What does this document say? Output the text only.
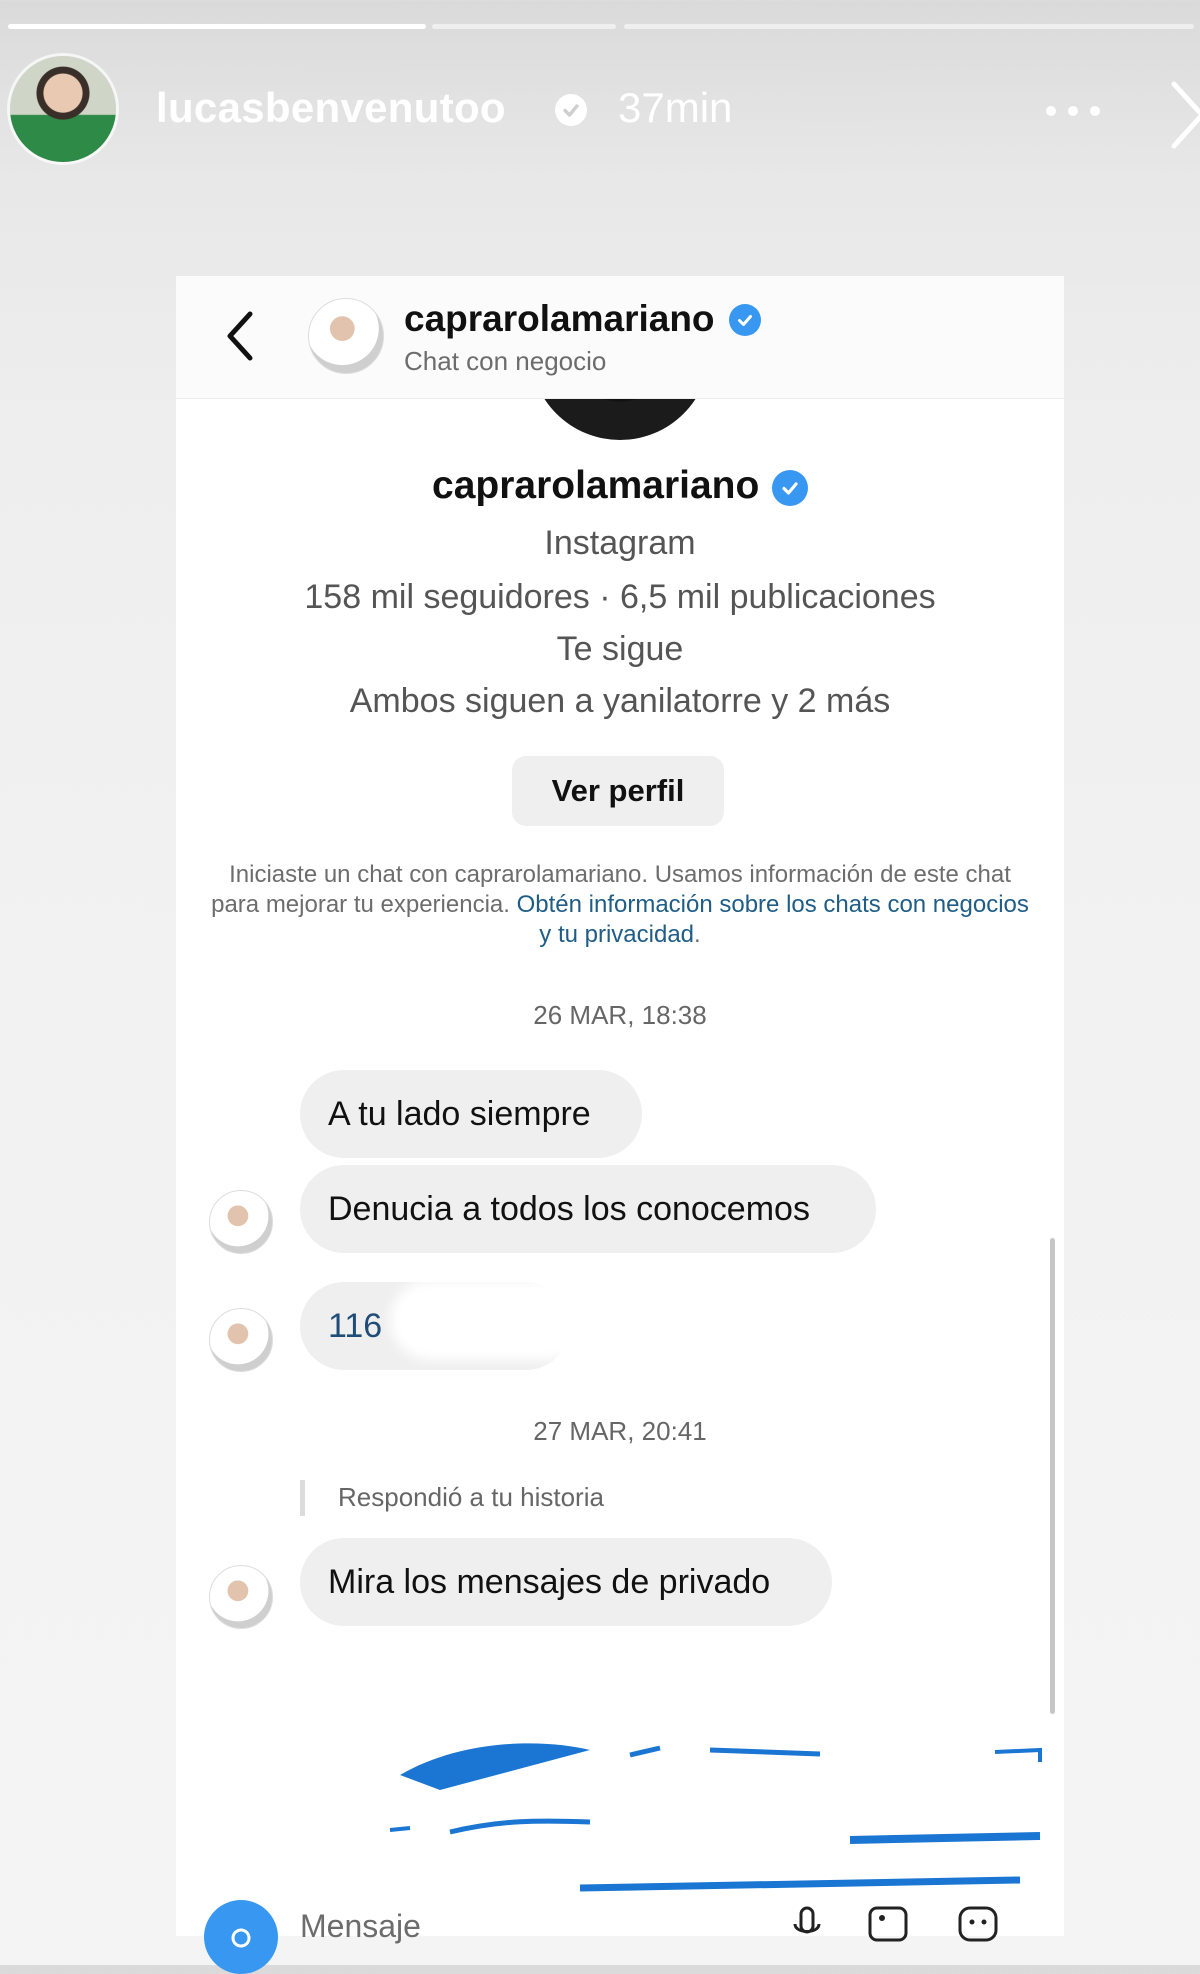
lucasbenvenutoo	37min
caprarolamariano
Chat con negocio
caprarolamariano
Instagram
158 mil seguidores · 6,5 mil publicaciones
Te sigue
Ambos siguen a yanilatorre y 2 más
Ver perfil
Iniciaste un chat con caprarolamariano. Usamos información de este chat para mejorar tu experiencia. Obtén información sobre los chats con negocios y tu privacidad.
26 MAR, 18:38
A tu lado siempre
Denucia a todos los conocemos
116
27 MAR, 20:41
Respondió a tu historia
Mira los mensajes de privado
Mensaje
